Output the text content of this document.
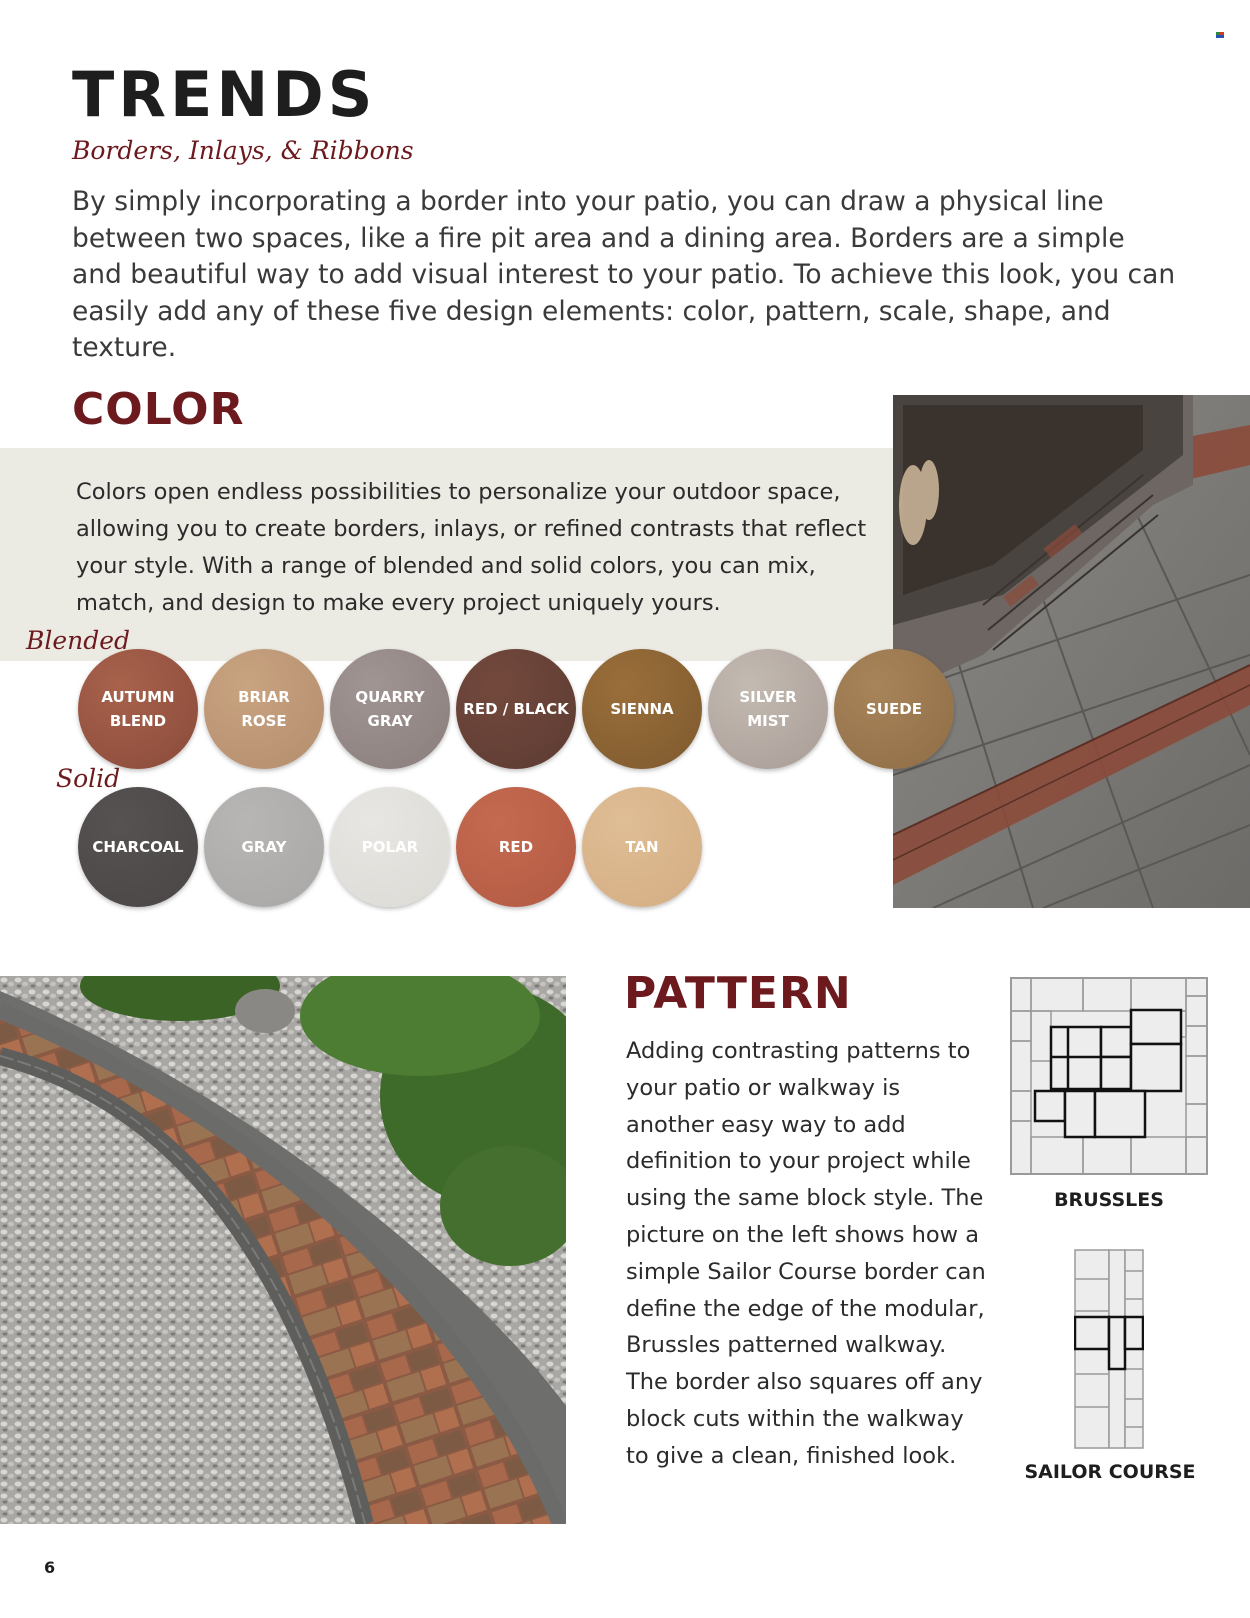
TRENDS
Borders, Inlays, & Ribbons

By simply incorporating a border into your patio, you can draw a physical line between two spaces, like a fire pit area and a dining area. Borders are a simple and beautiful way to add visual interest to your patio. To achieve this look, you can easily add any of these five design elements: color, pattern, scale, shape, and texture.

COLOR

Colors open endless possibilities to personalize your outdoor space, allowing you to create borders, inlays, or refined contrasts that reflect your style. With a range of blended and solid colors, you can mix, match, and design to make every project uniquely yours.

Blended
Solid
AUTUMN
BLEND
BRIAR
ROSE
QUARRY
GRAY
RED / BLACK	SIENNA
SILVER
MIST
SUEDE
CHARCOAL	GRAY	POLAR	RED	TAN
PATTERN

Adding contrasting patterns to your patio or walkway is another easy way to add definition to your project while using the same block style. The picture on the left shows how a simple Sailor Course border can define the edge of the modular, Brussles patterned walkway. The border also squares off any block cuts within the walkway to give a clean, finished look.

BRUSSLES
SAILOR COURSE
6
